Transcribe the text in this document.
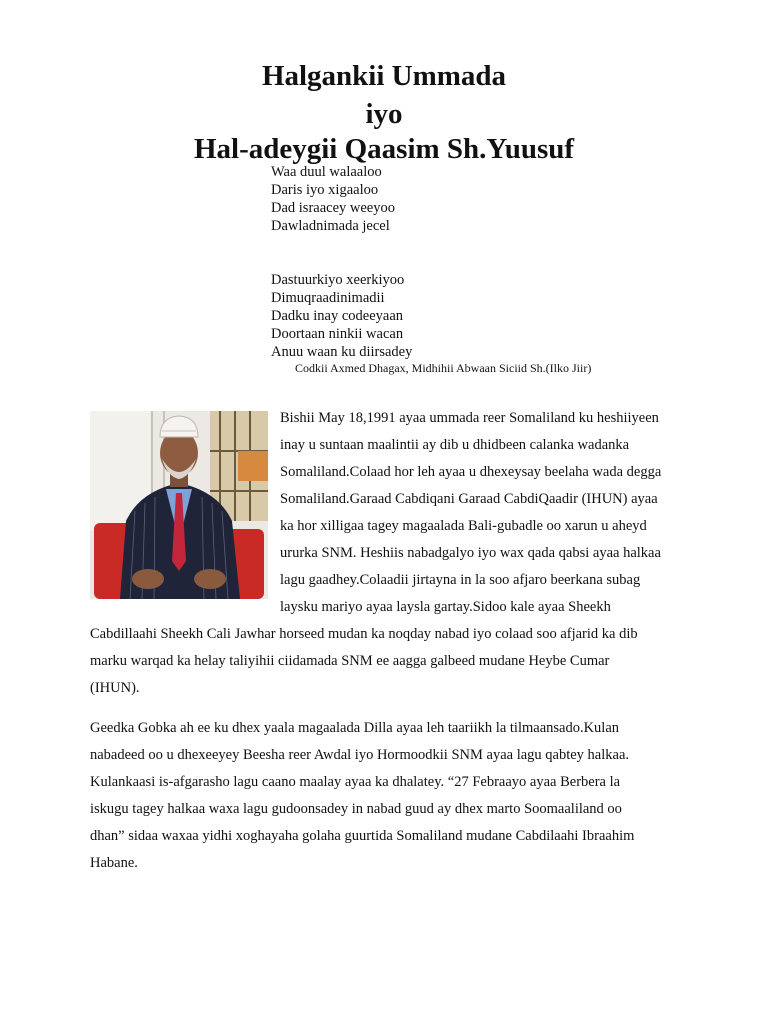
Halgankii Ummada
iyo
Hal-adeygii Qaasim Sh.Yuusuf
Waa duul walaaloo
Daris iyo xigaaloo
Dad israacey weeyoo
Dawladnimada jecel
Dastuurkiyo xeerkiyoo
Dimuqraadinimadii
Dadku inay codeeyaan
Doortaan ninkii wacan
Anuu waan ku diirsadey
Codkii Axmed Dhagax, Midhihii Abwaan Siciid Sh.(Ilko Jiir)
Bishii May 18,1991 ayaa ummada reer Somaliland ku heshiiyeen
inay u suntaan maalintii ay dib u dhidbeen calanka wadanka
Somaliland.Colaad hor leh ayaa u dhexeysay beelaha wada degga
Somaliland.Garaad Cabdiqani Garaad CabdiQaadir (IHUN) ayaa
ka hor xilligaa tagey magaalada Bali-gubadle oo xarun u aheyd
ururka SNM. Heshiis nabadgalyo iyo wax qada qabsi ayaa halkaa
lagu gaadhey.Colaadii jirtayna in la soo afjaro beerkana subag
laysku mariyo ayaa laysla gartay.Sidoo kale ayaa Sheekh
Cabdillaahi Sheekh Cali Jawhar horseed mudan ka noqday nabad iyo colaad soo afjarid ka dib
marku warqad ka helay taliyihii ciidamada SNM ee aagga galbeed mudane Heybe Cumar
(IHUN).
Geedka Gobka ah ee ku dhex yaala magaalada Dilla ayaa leh taariikh la tilmaansado.Kulan
nabadeed oo u dhexeeyey Beesha reer Awdal iyo Hormoodkii SNM ayaa lagu qabtey halkaa.
Kulankaasi is-afgarasho lagu caano maalay ayaa ka dhalatey. “27 Febraayo ayaa Berbera la
iskugu tagey halkaa waxa lagu gudoonsadey in nabad guud ay dhex marto Soomaaliland oo
dhan” sidaa waxaa yidhi xoghayaha golaha guurtida Somaliland mudane Cabdilaahi Ibraahim
Habane.
